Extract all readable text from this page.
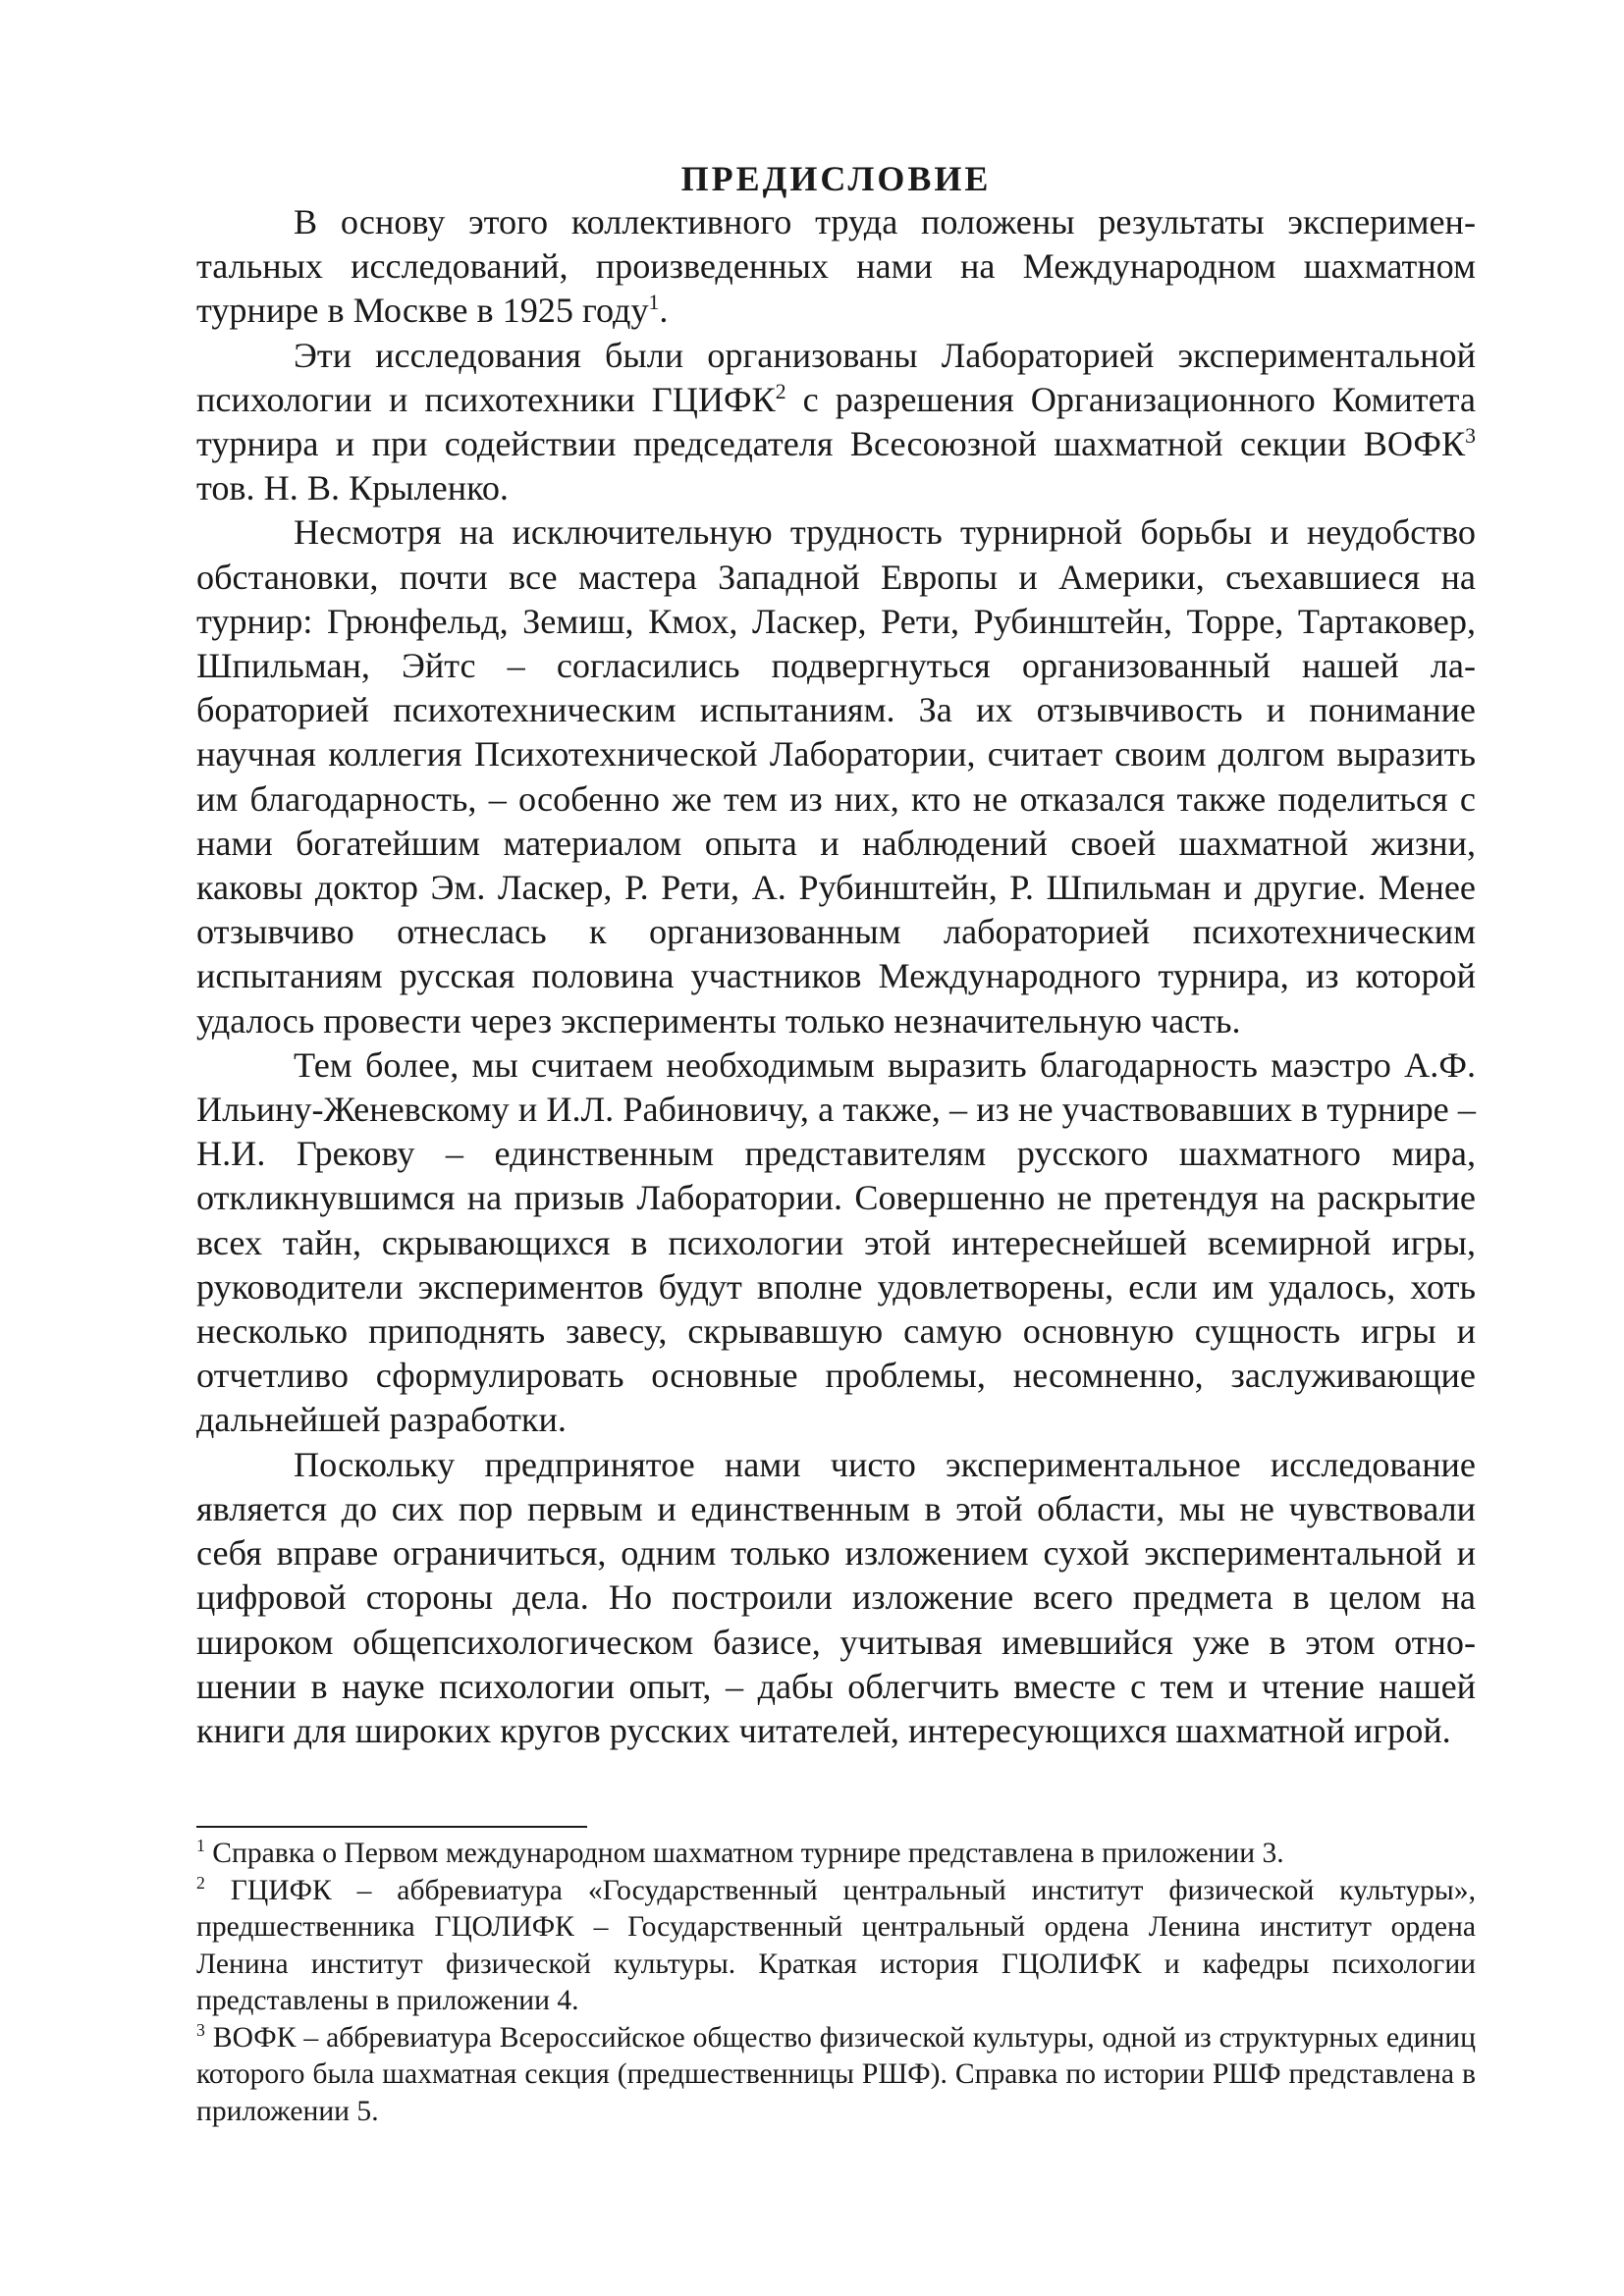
ПРЕДИСЛОВИЕ

В основу этого коллективного труда положены результаты экспериментальных исследований, произведенных нами на Международном шахматном турнире в Москве в 1925 году$^1$.

Эти исследования были организованы Лабораторией экспериментальной психологии и психотехники ГЦИФК$^2$ с разрешения Организационного Комитета турнира и при содействии председателя Всесоюзной шахматной секции ВОФК$^3$ тов. Н. В. Крыленко.

Несмотря на исключительную трудность турнирной борьбы и неудобство обстановки, почти все мастера Западной Европы и Америки, съехавшиеся на турнир: Грюнфельд, Земиш, Кмох, Ласкер, Рети, Рубинштейн, Торре, Тартаковер, Шпильман, Эйтс – согласились подвергнуться организованный нашей лабораторией психотехническим испытаниям. За их отзывчивость и понимание научная коллегия Психотехнической Лаборатории, считает своим долгом выразить им благодарность, – особенно же тем из них, кто не отказался также поделиться с нами богатейшим материалом опыта и наблюдений своей шахматной жизни, каковы доктор Эм. Ласкер, Р. Рети, А. Рубинштейн, Р. Шпильман и другие. Менее отзывчиво отнеслась к организованным лабораторией психотехническим испытаниям русская половина участников Международного турнира, из которой удалось провести через эксперименты только незначительную часть.

Тем более, мы считаем необходимым выразить благодарность маэстро А.Ф. Ильину-Женевскому и И.Л. Рабиновичу, а также, – из не участвовавших в турнире – Н.И. Грекову – единственным представителям русского шахматного мира, откликнувшимся на призыв Лаборатории. Совершенно не претендуя на раскрытие всех тайн, скрывающихся в психологии этой интереснейшей всемирной игры, руководители экспериментов будут вполне удовлетворены, если им удалось, хоть несколько приподнять завесу, скрывавшую самую основную сущность игры и отчетливо сформулировать основные проблемы, несомненно, заслуживающие дальнейшей разработки.

Поскольку предпринятое нами чисто экспериментальное исследование является до сих пор первым и единственным в этой области, мы не чувствовали себя вправе ограничиться, одним только изложением сухой экспериментальной и цифровой стороны дела. Но построили изложение всего предмета в целом на широком общепсихологическом базисе, учитывая имевшийся уже в этом отношении в науке психологии опыт, – дабы облегчить вместе с тем и чтение нашей книги для широких кругов русских читателей, интересующихся шахматной игрой.

$^1$ Справка о Первом международном шахматном турнире представлена в приложении 3.

$^2$ ГЦИФК – аббревиатура «Государственный центральный институт физической культуры», предшественника ГЦОЛИФК – Государственный центральный ордена Ленина институт ордена Ленина институт физической культуры. Краткая история ГЦОЛИФК и кафедры психологии представлены в приложении 4.

$^3$ ВОФК – аббревиатура Всероссийское общество физической культуры, одной из структурных единиц которого была шахматная секция (предшественницы РШФ). Справка по истории РШФ представлена в приложении 5.
